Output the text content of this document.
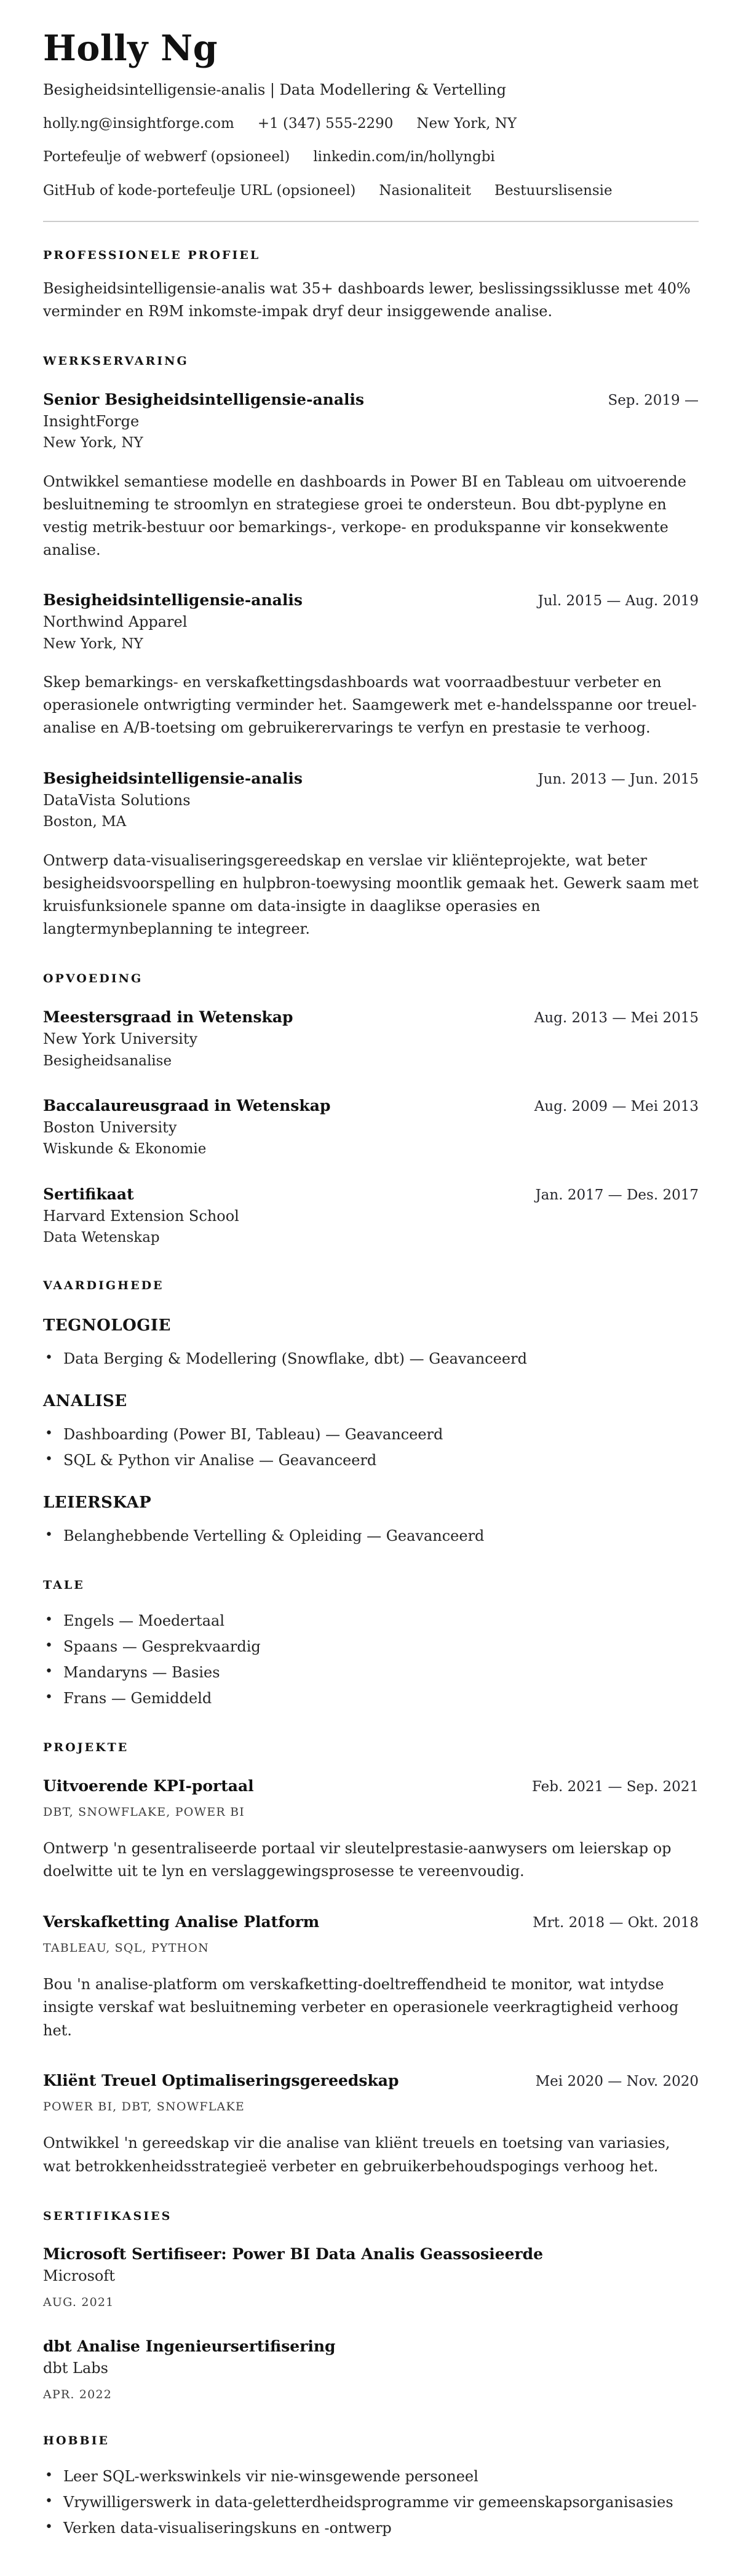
Holly Ng
Besigheidsintelligensie-analis | Data Modellering & Vertelling
holly.ng@insightforge.com +1 (347) 555-2290 New York, NY
Portefeulje of webwerf (opsioneel) linkedin.com/in/hollyngbi
GitHub of kode-portefeulje URL (opsioneel) Nasionaliteit Bestuurslisensie
PROFESSIONELE PROFIEL

Besigheidsintelligensie-analis wat 35+ dashboards lewer, beslissingssiklusse met 40% verminder en R9M inkomste-impak dryf deur insiggewende analise.

WERKSERVARING
Senior Besigheidsintelligensie-analis	Sep. 2019 —
InsightForge
New York, NY

Ontwikkel semantiese modelle en dashboards in Power BI en Tableau om uitvoerende besluitneming te stroomlyn en strategiese groei te ondersteun. Bou dbt-pyplyne en vestig metrik-bestuur oor bemarkings-, verkope- en produkspanne vir konsekwente analise.

Besigheidsintelligensie-analis	Jul. 2015 — Aug. 2019
Northwind Apparel
New York, NY

Skep bemarkings- en verskafkettingsdashboards wat voorraadbestuur verbeter en operasionele ontwrigting verminder het. Saamgewerk met e-handelsspanne oor treuel-analise en A/B-toetsing om gebruikerervarings te verfyn en prestasie te verhoog.

Besigheidsintelligensie-analis	Jun. 2013 — Jun. 2015
DataVista Solutions
Boston, MA

Ontwerp data-visualiseringsgereedskap en verslae vir kliënteprojekte, wat beter besigheidsvoorspelling en hulpbron-toewysing moontlik gemaak het. Gewerk saam met kruisfunksionele spanne om data-insigte in daaglikse operasies en langtermynbeplanning te integreer.

OPVOEDING
Meestersgraad in Wetenskap	Aug. 2013 — Mei 2015
New York University
Besigheidsanalise
Baccalaureusgraad in Wetenskap	Aug. 2009 — Mei 2013
Boston University
Wiskunde & Ekonomie
Sertifikaat	Jan. 2017 — Des. 2017
Harvard Extension School
Data Wetenskap
VAARDIGHEDE
TEGNOLOGIE
• Data Berging & Modellering (Snowflake, dbt) — Geavanceerd
ANALISE
• Dashboarding (Power BI, Tableau) — Geavanceerd
• SQL & Python vir Analise — Geavanceerd
LEIERSKAP
• Belanghebbende Vertelling & Opleiding — Geavanceerd
TALE
• Engels — Moedertaal
• Spaans — Gesprekvaardig
• Mandaryns — Basies
• Frans — Gemiddeld
PROJEKTE
Uitvoerende KPI-portaal	Feb. 2021 — Sep. 2021
DBT, SNOWFLAKE, POWER BI

Ontwerp 'n gesentraliseerde portaal vir sleutelprestasie-aanwysers om leierskap op doelwitte uit te lyn en verslaggewingsprosesse te vereenvoudig.

Verskafketting Analise Platform	Mrt. 2018 — Okt. 2018
TABLEAU, SQL, PYTHON

Bou 'n analise-platform om verskafketting-doeltreffendheid te monitor, wat intydse insigte verskaf wat besluitneming verbeter en operasionele veerkragtigheid verhoog het.

Kliënt Treuel Optimaliseringsgereedskap	Mei 2020 — Nov. 2020
POWER BI, DBT, SNOWFLAKE

Ontwikkel 'n gereedskap vir die analise van kliënt treuels en toetsing van variasies, wat betrokkenheidsstrategieë verbeter en gebruikerbehoudspogings verhoog het.

SERTIFIKASIES
Microsoft Sertifiseer: Power BI Data Analis Geassosieerde
Microsoft
AUG. 2021
dbt Analise Ingenieursertifisering
dbt Labs
APR. 2022
HOBBIE
• Leer SQL-werkswinkels vir nie-winsgewende personeel
• Vrywilligerswerk in data-geletterdheidsprogramme vir gemeenskapsorganisasies
• Verken data-visualiseringskuns en -ontwerp
